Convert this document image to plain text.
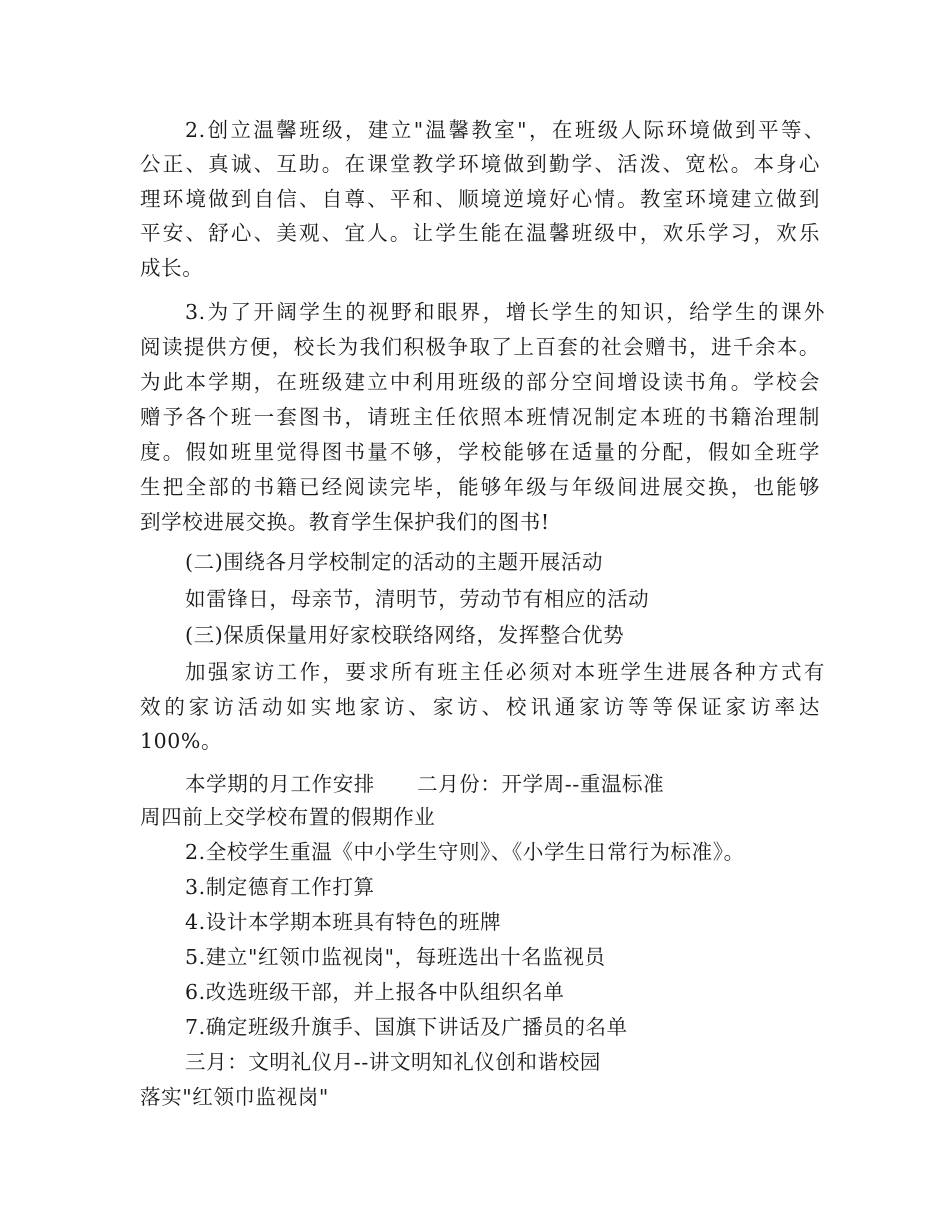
2.创立温馨班级，建立"温馨教室"，在班级人际环境做到平等、
公正、真诚、互助。在课堂教学环境做到勤学、活泼、宽松。本身心
理环境做到自信、自尊、平和、顺境逆境好心情。教室环境建立做到
平安、舒心、美观、宜人。让学生能在温馨班级中，欢乐学习，欢乐
成长。
3.为了开阔学生的视野和眼界，增长学生的知识，给学生的课外
阅读提供方便，校长为我们积极争取了上百套的社会赠书，进千余本。
为此本学期，在班级建立中利用班级的部分空间增设读书角。学校会
赠予各个班一套图书，请班主任依照本班情况制定本班的书籍治理制
度。假如班里觉得图书量不够，学校能够在适量的分配，假如全班学
生把全部的书籍已经阅读完毕，能够年级与年级间进展交换，也能够
到学校进展交换。教育学生保护我们的图书!
(二)围绕各月学校制定的活动的主题开展活动
如雷锋日，母亲节，清明节，劳动节有相应的活动
(三)保质保量用好家校联络网络，发挥整合优势
加强家访工作，要求所有班主任必须对本班学生进展各种方式有
效的家访活动如实地家访、家访、校讯通家访等等保证家访率达
100%。
本学期的月工作安排　　二月份：开学周--重温标准
周四前上交学校布置的假期作业
2.全校学生重温《中小学生守则》、《小学生日常行为标准》。
3.制定德育工作打算
4.设计本学期本班具有特色的班牌
5.建立"红领巾监视岗"，每班选出十名监视员
6.改选班级干部，并上报各中队组织名单
7.确定班级升旗手、国旗下讲话及广播员的名单
三月：文明礼仪月--讲文明知礼仪创和谐校园
落实"红领巾监视岗"
